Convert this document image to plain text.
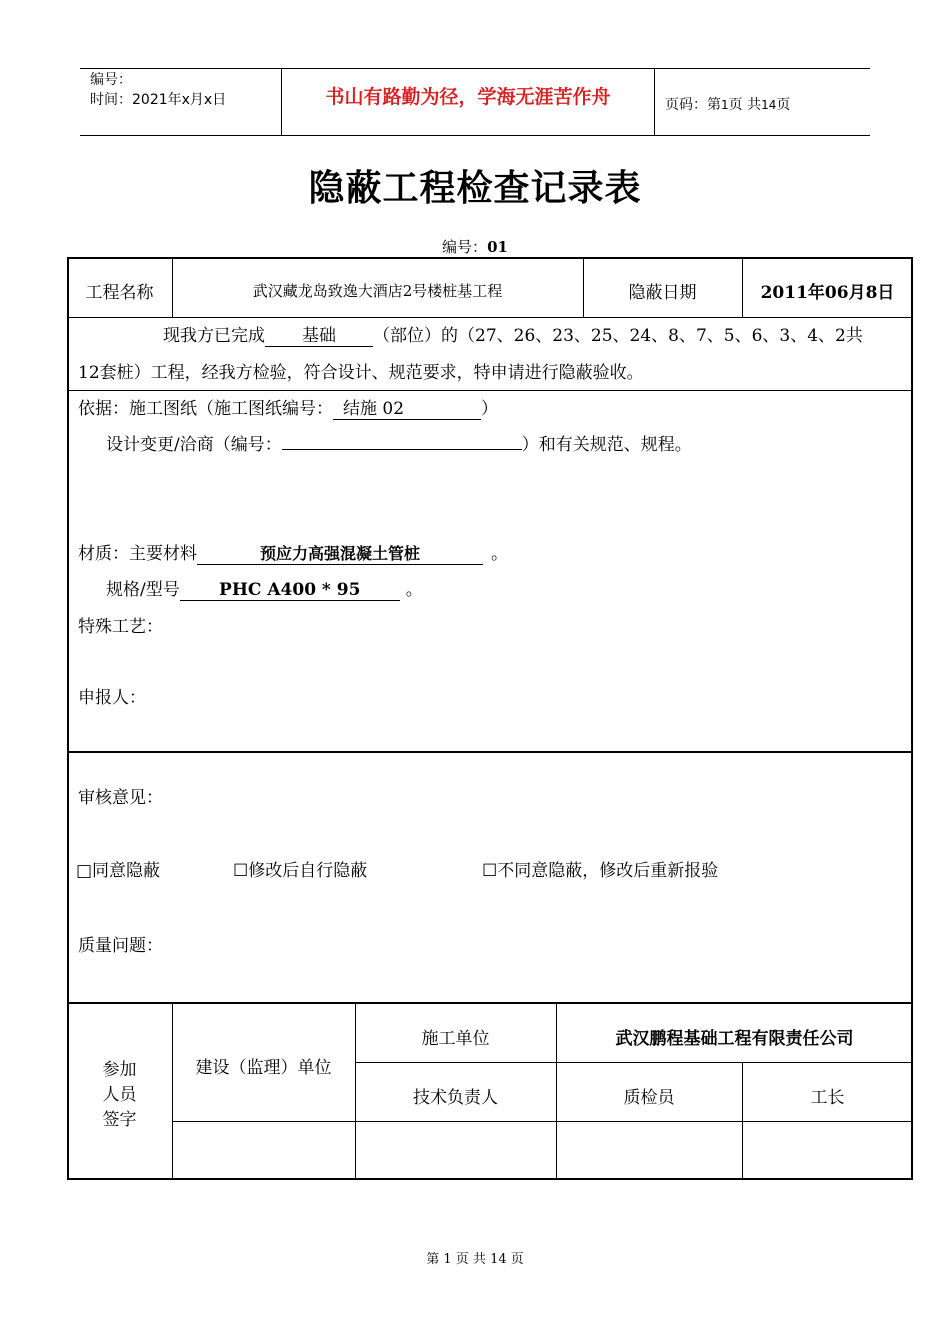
编号：
时间：2021年x月x日	书山有路勤为径，学海无涯苦作舟	页码：第1页 共14页
隐蔽工程检查记录表
编号：01
工程名称	武汉藏龙岛致逸大酒店2号楼桩基工程	隐蔽日期	2011年06月8日
现我方已完成 基础 （部位）的（27、26、23、25、24、8、7、5、6、3、4、2共
12套桩）工程，经我方检验，符合设计、规范要求，特申请进行隐蔽验收。
依据：施工图纸（施工图纸编号： 结施 02	）
设计变更/洽商（编号：	）和有关规范、规程。
材质：主要材料	预应力高强混凝土管桩	。
规格/型号 PHC A400 * 95	。
特殊工艺：
申报人：
审核意见：
□同意隐蔽	☐修改后自行隐蔽	☐不同意隐蔽，修改后重新报验
质量问题：
参加
人员
签字
建设（监理）单位
施工单位	武汉鹏程基础工程有限责任公司
技术负责人	质检员	工长
第 1 页 共 14 页
